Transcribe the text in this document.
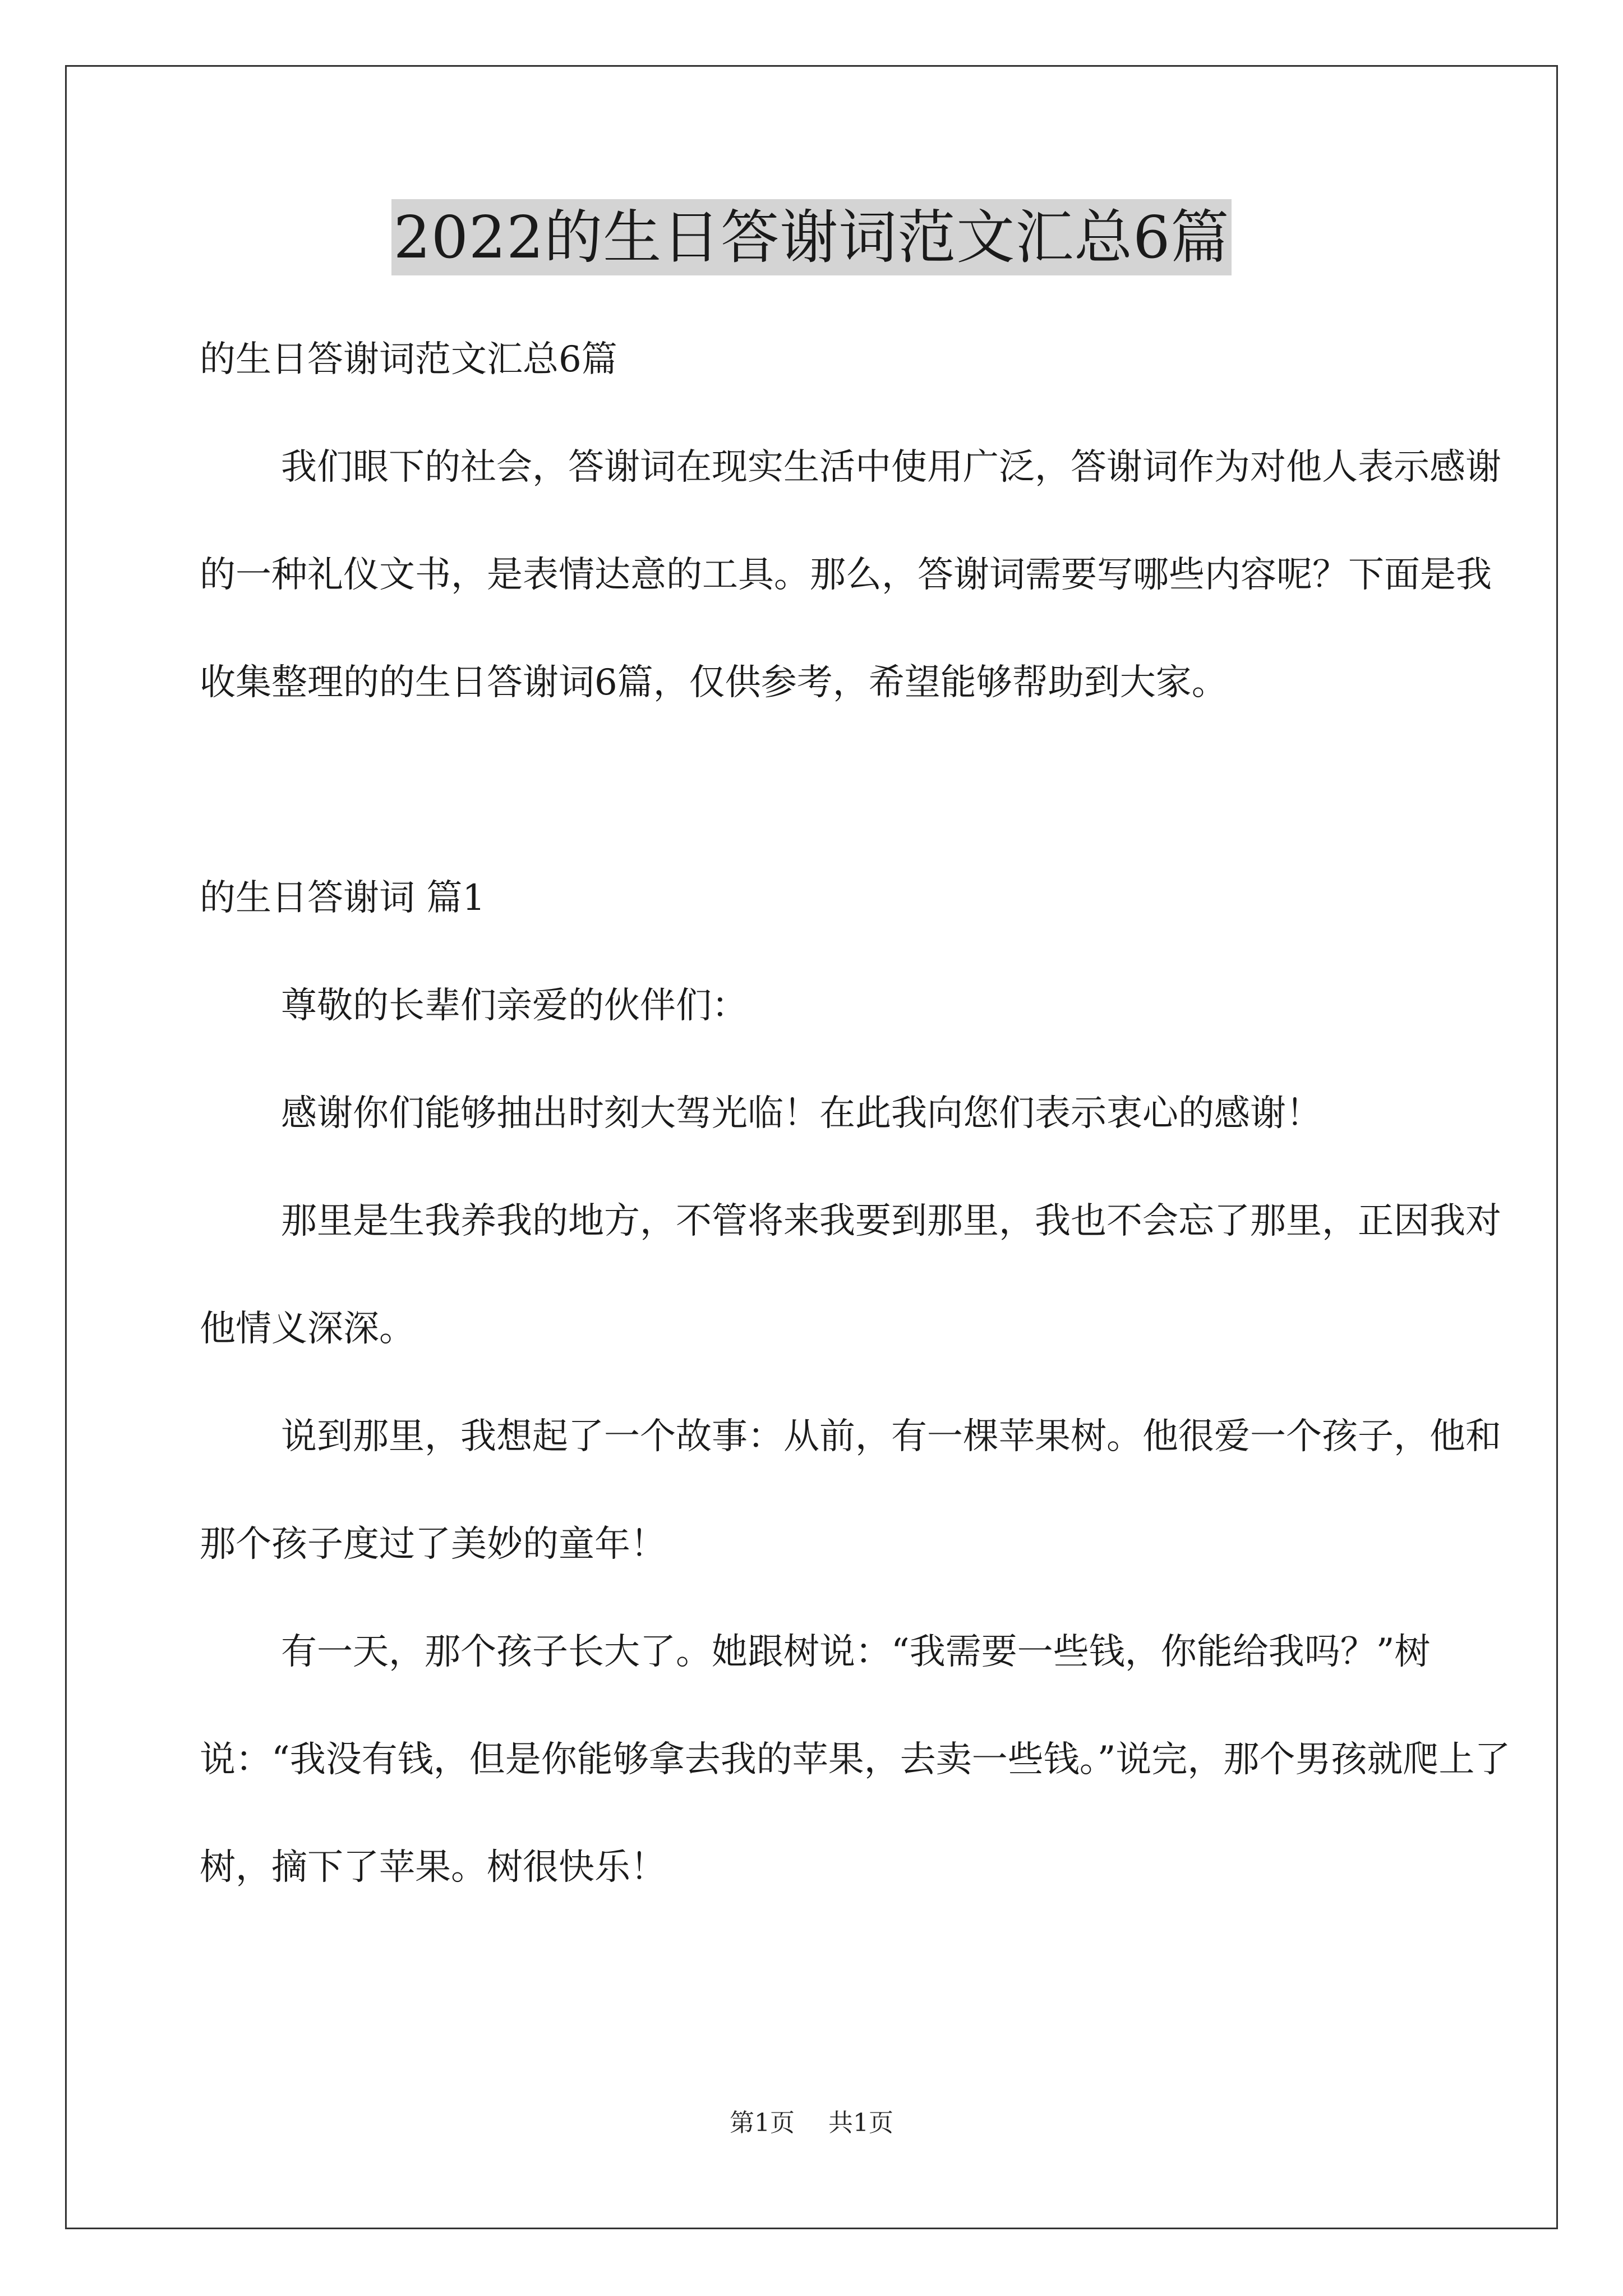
2022的生日答谢词范文汇总6篇

的生日答谢词范文汇总6篇

我们眼下的社会，答谢词在现实生活中使用广泛，答谢词作为对他人表示感谢的一种礼仪文书，是表情达意的工具。那么，答谢词需要写哪些内容呢？下面是我收集整理的的生日答谢词6篇，仅供参考，希望能够帮助到大家。

的生日答谢词 篇1

尊敬的长辈们亲爱的伙伴们：

感谢你们能够抽出时刻大驾光临！在此我向您们表示衷心的感谢！

那里是生我养我的地方，不管将来我要到那里，我也不会忘了那里，正因我对他情义深深。

说到那里，我想起了一个故事：从前，有一棵苹果树。他很爱一个孩子，他和那个孩子度过了美妙的童年！

有一天，那个孩子长大了。她跟树说：“我需要一些钱，你能给我吗？”树说：“我没有钱，但是你能够拿去我的苹果，去卖一些钱。”说完，那个男孩就爬上了树，摘下了苹果。树很快乐！

第1页 共1页
